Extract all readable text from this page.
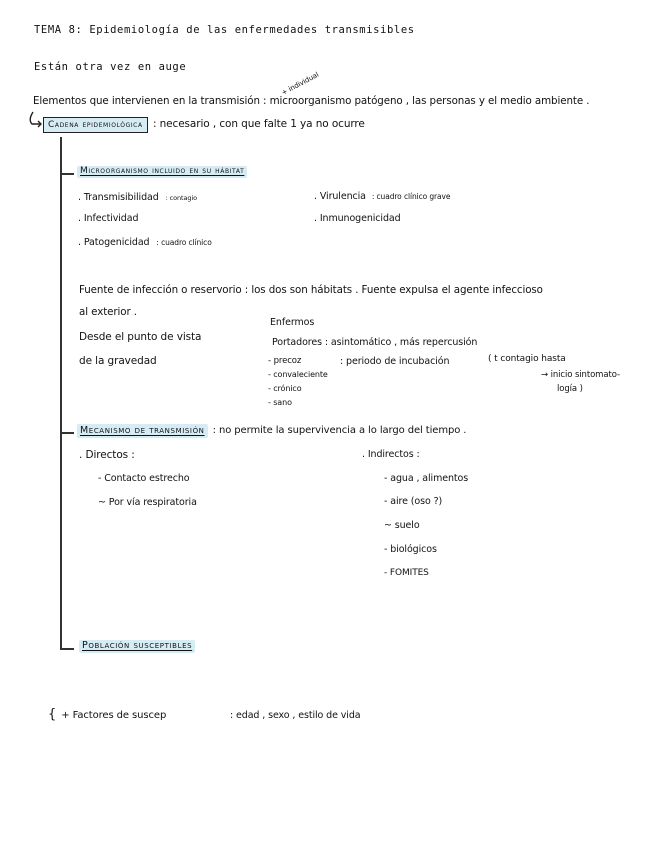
TEMA 8: Epidemiología de las enfermedades transmisibles
Están otra vez en auge
+ individual
Elementos que intervienen en la transmisión : microorganismo patógeno , las personas y el medio ambiente .
Cadena epidemiológica : necesario , con que falte 1 ya no ocurre
Microorganismo incluido en su hábitat
. Transmisibilidad : contagio	. Virulencia : cuadro clínico grave
. Infectividad	. Inmunogenicidad
. Patogenicidad : cuadro clínico
Fuente de infección o reservorio : los dos son hábitats . Fuente expulsa el agente infeccioso
al exterior .
Desde el punto de vista
de la gravedad
Enfermos
Portadores : asintomático , más repercusión
- precoz	: periodo de incubación	( t contagio hasta
- convaleciente	→ inicio sintomato-
- crónico	logía )
- sano
Mecanismo de transmisión : no permite la supervivencia a lo largo del tiempo .
. Directos :
- Contacto estrecho
~ Por vía respiratoria
. Indirectos :
- agua , alimentos
- aire (oso ?)
~ suelo
- biológicos
- FOMITES
Población susceptibles
{ + Factores de suscep	: edad , sexo , estilo de vida
